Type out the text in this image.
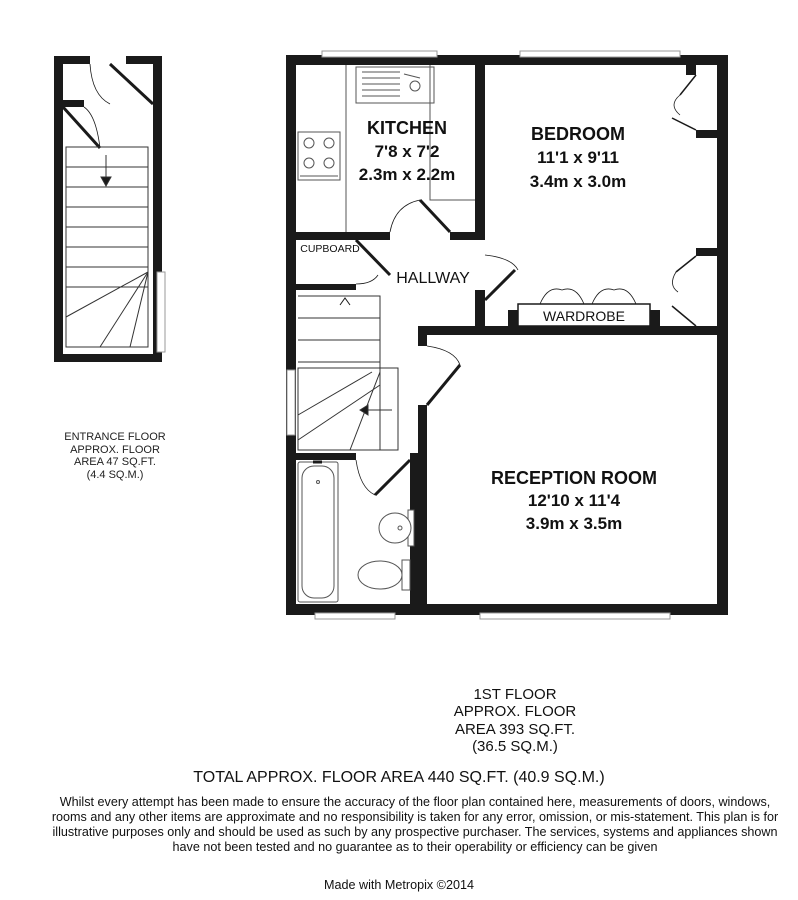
KITCHEN
7'8 x 7'2
2.3m x 2.2m
BEDROOM
11'1 x 9'11
3.4m x 3.0m
RECEPTION ROOM
12'10 x 11'4
3.9m x 3.5m
HALLWAY
CUPBOARD
WARDROBE
ENTRANCE FLOOR
APPROX. FLOOR
AREA 47 SQ.FT.
(4.4 SQ.M.)
1ST FLOOR
APPROX. FLOOR
AREA 393 SQ.FT.
(36.5 SQ.M.)
TOTAL APPROX. FLOOR AREA 440 SQ.FT. (40.9 SQ.M.)
Whilst every attempt has been made to ensure the accuracy of the floor plan contained here, measurements of doors, windows, rooms and any other items are approximate and no responsibility is taken for any error, omission, or mis-statement. This plan is for illustrative purposes only and should be used as such by any prospective purchaser. The services, systems and appliances shown have not been tested and no guarantee as to their operability or efficiency can be given
Made with Metropix ©2014
